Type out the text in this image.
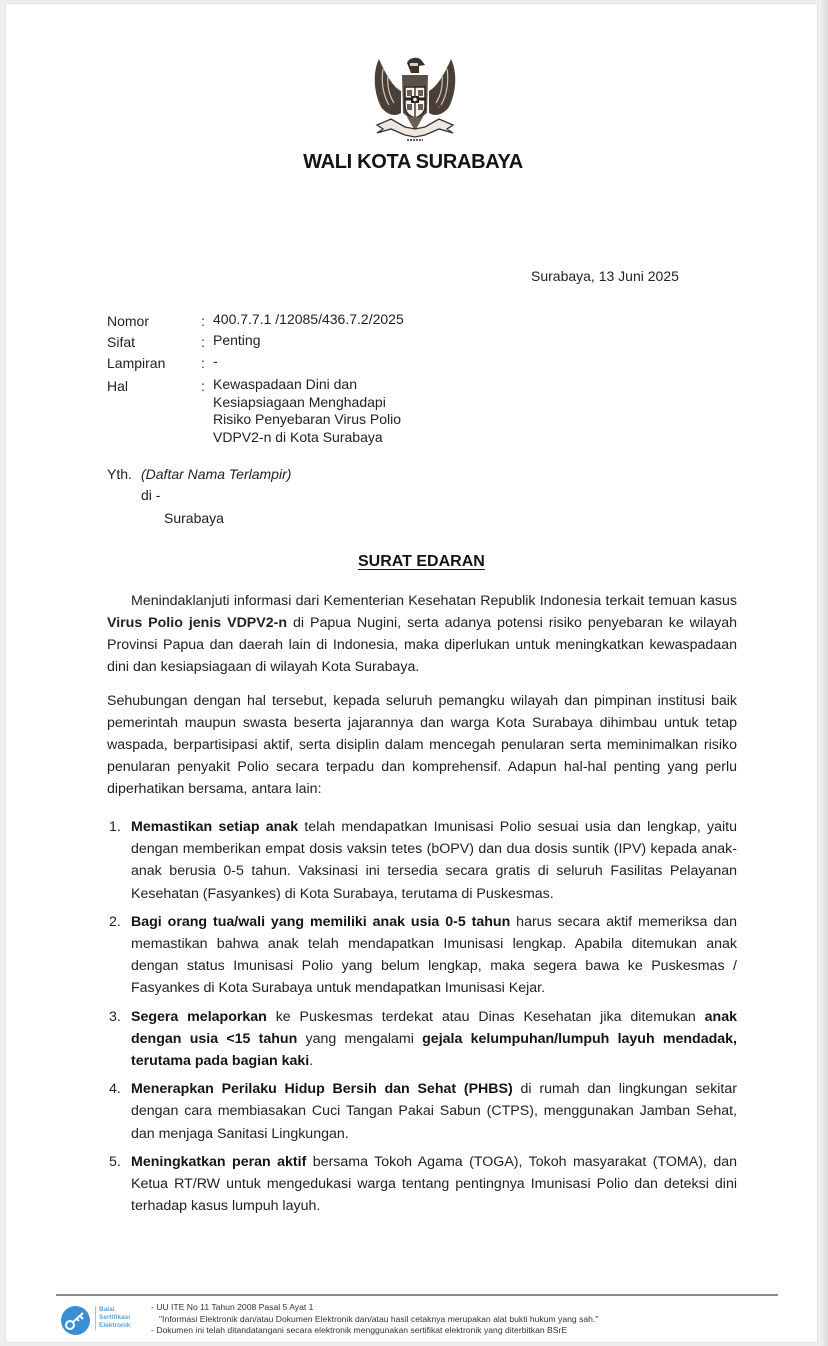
WALI KOTA SURABAYA
Surabaya, 13 Juni 2025
Nomor	: 400.7.7.1 /12085/436.7.2/2025
Sifat	: Penting
Lampiran	: -
Hal	: Kewaspadaan Dini dan
Kesiapsiagaan Menghadapi
Risiko Penyebaran Virus Polio
VDPV2-n di Kota Surabaya
Yth. (Daftar Nama Terlampir)
di -
Surabaya
SURAT EDARAN
Menindaklanjuti informasi dari Kementerian Kesehatan Republik Indonesia terkait temuan kasus Virus Polio jenis VDPV2-n di Papua Nugini, serta adanya potensi risiko penyebaran ke wilayah Provinsi Papua dan daerah lain di Indonesia, maka diperlukan untuk meningkatkan kewaspadaan dini dan kesiapsiagaan di wilayah Kota Surabaya.
Sehubungan dengan hal tersebut, kepada seluruh pemangku wilayah dan pimpinan institusi baik pemerintah maupun swasta beserta jajarannya dan warga Kota Surabaya dihimbau untuk tetap waspada, berpartisipasi aktif, serta disiplin dalam mencegah penularan serta meminimalkan risiko penularan penyakit Polio secara terpadu dan komprehensif. Adapun hal-hal penting yang perlu diperhatikan bersama, antara lain:
1. Memastikan setiap anak telah mendapatkan Imunisasi Polio sesuai usia dan lengkap, yaitu dengan memberikan empat dosis vaksin tetes (bOPV) dan dua dosis suntik (IPV) kepada anak-anak berusia 0-5 tahun. Vaksinasi ini tersedia secara gratis di seluruh Fasilitas Pelayanan Kesehatan (Fasyankes) di Kota Surabaya, terutama di Puskesmas.
2. Bagi orang tua/wali yang memiliki anak usia 0-5 tahun harus secara aktif memeriksa dan memastikan bahwa anak telah mendapatkan Imunisasi lengkap. Apabila ditemukan anak dengan status Imunisasi Polio yang belum lengkap, maka segera bawa ke Puskesmas / Fasyankes di Kota Surabaya untuk mendapatkan Imunisasi Kejar.
3. Segera melaporkan ke Puskesmas terdekat atau Dinas Kesehatan jika ditemukan anak dengan usia <15 tahun yang mengalami gejala kelumpuhan/lumpuh layuh mendadak, terutama pada bagian kaki.
4. Menerapkan Perilaku Hidup Bersih dan Sehat (PHBS) di rumah dan lingkungan sekitar dengan cara membiasakan Cuci Tangan Pakai Sabun (CTPS), menggunakan Jamban Sehat, dan menjaga Sanitasi Lingkungan.
5. Meningkatkan peran aktif bersama Tokoh Agama (TOGA), Tokoh masyarakat (TOMA), dan Ketua RT/RW untuk mengedukasi warga tentang pentingnya Imunisasi Polio dan deteksi dini terhadap kasus lumpuh layuh.
Balai
Sertifikasi
Elektronik
- UU ITE No 11 Tahun 2008 Pasal 5 Ayat 1
"Informasi Elektronik dan/atau Dokumen Elektronik dan/atau hasil cetaknya merupakan alat bukti hukum yang sah."
- Dokumen ini telah ditandatangani secara elektronik menggunakan sertifikat elektronik yang diterbitkan BSrE
